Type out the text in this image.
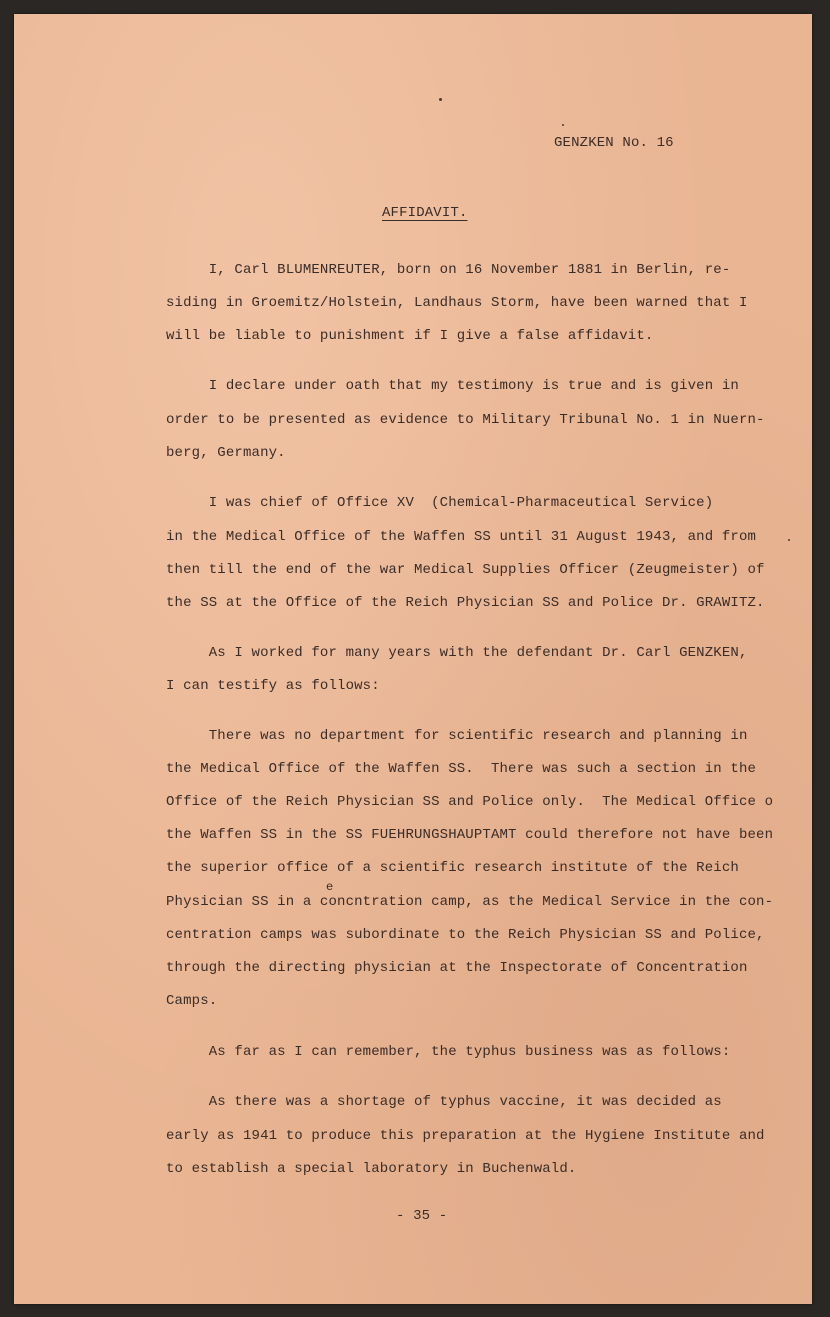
GENZKEN No. 16
AFFIDAVIT.
I, Carl BLUMENREUTER, born on 16 November 1881 in Berlin, re-
siding in Groemitz/Holstein, Landhaus Storm, have been warned that I
will be liable to punishment if I give a false affidavit.
I declare under oath that my testimony is true and is given in
order to be presented as evidence to Military Tribunal No. 1 in Nuern-
berg, Germany.
I was chief of Office XV  (Chemical-Pharmaceutical Service)
in the Medical Office of the Waffen SS until 31 August 1943, and from
then till the end of the war Medical Supplies Officer (Zeugmeister) of
the SS at the Office of the Reich Physician SS and Police Dr. GRAWITZ.
As I worked for many years with the defendant Dr. Carl GENZKEN,
I can testify as follows:
There was no department for scientific research and planning in
the Medical Office of the Waffen SS.  There was such a section in the
Office of the Reich Physician SS and Police only.  The Medical Office o
the Waffen SS in the SS FUEHRUNGSHAUPTAMT could therefore not have been
the superior office of a scientific research institute of the Reich
e
Physician SS in a concntration camp, as the Medical Service in the con-
centration camps was subordinate to the Reich Physician SS and Police,
through the directing physician at the Inspectorate of Concentration
Camps.
As far as I can remember, the typhus business was as follows:
As there was a shortage of typhus vaccine, it was decided as
early as 1941 to produce this preparation at the Hygiene Institute and
to establish a special laboratory in Buchenwald.
- 35 -
